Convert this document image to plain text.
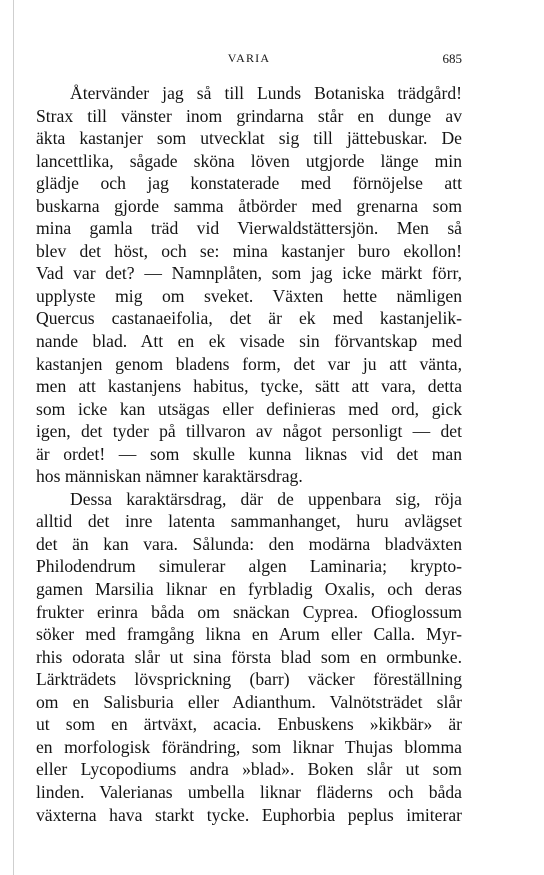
VARIA	685
Återvänder jag så till Lunds Botaniska trädgård!
Strax till vänster inom grindarna står en dunge av
äkta kastanjer som utvecklat sig till jättebuskar. De
lancettlika, sågade sköna löven utgjorde länge min
glädje och jag konstaterade med förnöjelse att
buskarna gjorde samma åtbörder med grenarna som
mina gamla träd vid Vierwaldstättersjön. Men så
blev det höst, och se: mina kastanjer buro ekollon!
Vad var det? — Namnplåten, som jag icke märkt förr,
upplyste mig om sveket. Växten hette nämligen
Quercus castanaeifolia, det är ek med kastanjelik-
nande blad. Att en ek visade sin förvantskap med
kastanjen genom bladens form, det var ju att vänta,
men att kastanjens habitus, tycke, sätt att vara, detta
som icke kan utsägas eller definieras med ord, gick
igen, det tyder på tillvaron av något personligt — det
är ordet! — som skulle kunna liknas vid det man
hos människan nämner karaktärsdrag.
Dessa karaktärsdrag, där de uppenbara sig, röja
alltid det inre latenta sammanhanget, huru avlägset
det än kan vara. Sålunda: den modärna bladväxten
Philodendrum simulerar algen Laminaria; krypto-
gamen Marsilia liknar en fyrbladig Oxalis, och deras
frukter erinra båda om snäckan Cyprea. Ofioglossum
söker med framgång likna en Arum eller Calla. Myr-
rhis odorata slår ut sina första blad som en ormbunke.
Lärkträdets lövsprickning (barr) väcker föreställning
om en Salisburia eller Adianthum. Valnötsträdet slår
ut som en ärtväxt, acacia. Enbuskens »kikbär» är
en morfologisk förändring, som liknar Thujas blomma
eller Lycopodiums andra »blad». Boken slår ut som
linden. Valerianas umbella liknar fläderns och båda
växterna hava starkt tycke. Euphorbia peplus imiterar
